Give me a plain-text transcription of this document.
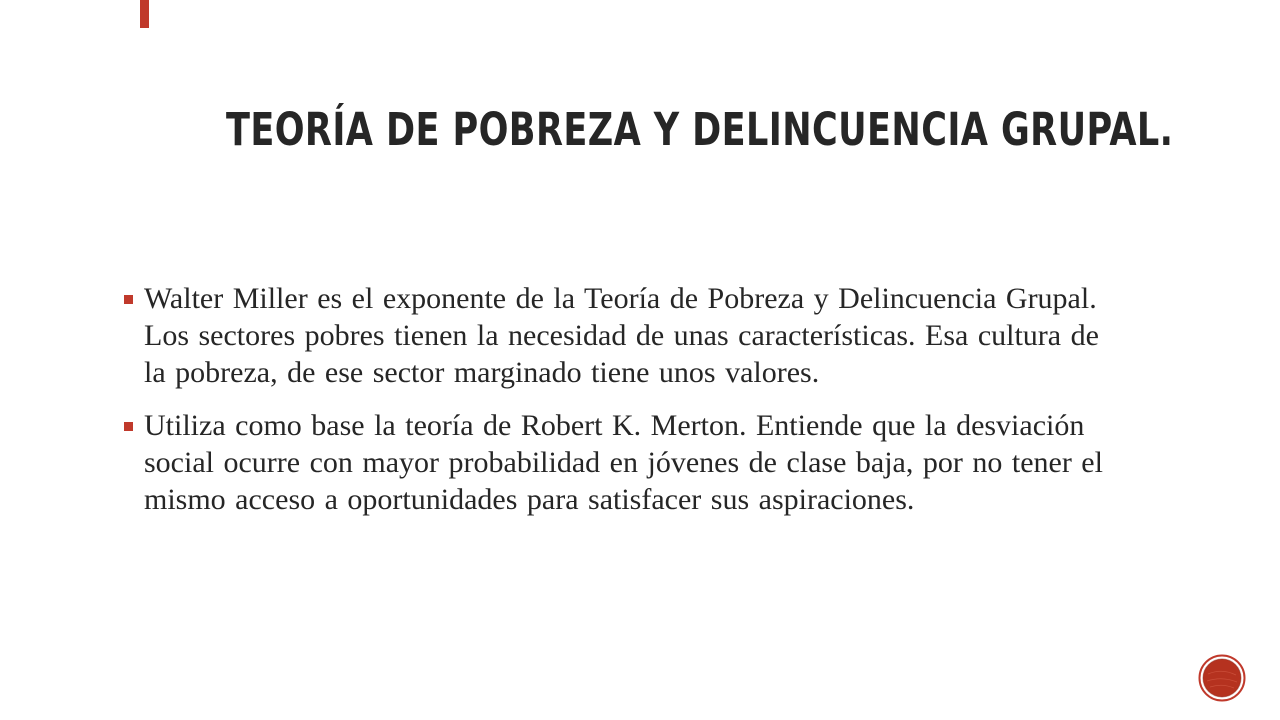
TEORÍA DE POBREZA Y DELINCUENCIA GRUPAL.
Walter Miller es el exponente de la Teoría de Pobreza y Delincuencia Grupal. Los sectores pobres tienen la necesidad de unas características. Esa cultura de la pobreza, de ese sector marginado tiene unos valores.
Utiliza como base la teoría de Robert K. Merton. Entiende que la desviación social ocurre con mayor probabilidad en jóvenes de clase baja, por no tener el mismo acceso a oportunidades para satisfacer sus aspiraciones.
